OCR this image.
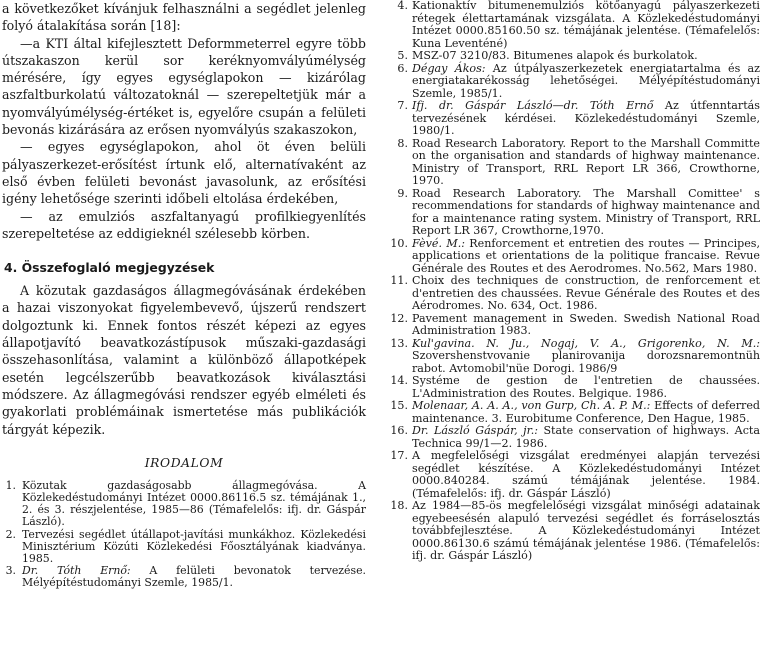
a következőket kívánjuk felhasználni a segédlet jelenleg folyó átalakítása során [18]:

—a KTI által kifejlesztett Deformmeterrel egyre több útszakaszon kerül sor keréknyomvályúmélység mérésére, így egyes egységlapokon — kizárólag aszfaltburkolatú változatoknál — szerepeltetjük már a nyomvályúmélység-értéket is, egyelőre csupán a felületi bevonás kizárására az erősen nyomvályús szakaszokon,

— egyes egységlapokon, ahol öt éven belüli pályaszerkezet-erősítést írtunk elő, alternatívaként az első évben felületi bevonást javasolunk, az erősítési igény lehetősége szerinti időbeli eltolása érdekében,

— az emulziós aszfaltanyagú profilkiegyenlítés szerepeltetése az eddigieknél szélesebb körben.

4. Összefoglaló megjegyzések

A közutak gazdaságos állagmegóvásának érdekében a hazai viszonyokat figyelembevevő, újszerű rendszert dolgoztunk ki. Ennek fontos részét képezi az egyes állapotjavító beavatkozástípusok műszaki-gazdasági összehasonlítása, valamint a különböző állapotképek esetén legcélszerűbb beavatkozások kiválasztási módszere. Az állagmegóvási rendszer egyéb elméleti és gyakorlati problémáinak ismertetése más publikációk tárgyát képezik.

IRODALOM
1. Közutak gazdaságosabb állagmegóvása. A Közlekedéstudományi Intézet 0000.86116.5 sz. témájának 1., 2. és 3. részjelentése, 1985—86 (Témafelelős: ifj. dr. Gáspár László).
2. Tervezési segédlet útállapot-javítási munkákhoz. Közlekedési Minisztérium Közúti Közlekedési Főosztályának kiadványa. 1985.
3. Dr. Tóth Ernő: A felületi bevonatok tervezése. Mélyépítéstudományi Szemle, 1985/1.
4. Kationaktív bitumenemulziós kötőanyagú pályaszerkezeti rétegek élettartamának vizsgálata. A Közlekedéstudományi Intézet 0000.85160.50 sz. témájának jelentése. (Témafelelős: Kuna Leventéné)
5. MSZ-07 3210/83. Bitumenes alapok és burkolatok.
6. Dégay Ákos: Az útpályaszerkezetek energiatartalma és az energiatakarékosság lehetőségei. Mélyépítéstudományi Szemle, 1985/1.
7. Ifj. dr. Gáspár László—dr. Tóth Ernő Az útfenntartás tervezésének kérdései. Közlekedéstudományi Szemle, 1980/1.
8. Road Research Laboratory. Report to the Marshall Committe on the organisation and standards of highway maintenance. Ministry of Transport, RRL Report LR 366, Crowthorne, 1970.
9. Road Research Laboratory. The Marshall Comittee' s recommendations for standards of highway maintenance and for a maintenance rating system. Ministry of Transport, RRL Report LR 367, Crowthorne,1970.
10. Fèvé. M.: Renforcement et entretien des routes — Principes, applications et orientations de la politique francaise. Revue Générale des Routes et des Aerodromes. No.562, Mars 1980.
11. Choix des techniques de construction, de renforcement et d'entretien des chaussées. Revue Générale des Routes et des Aérodromes. No. 634, Oct. 1986.
12. Pavement management in Sweden. Swedish National Road Administration 1983.
13. Kul'gavina. N. Ju., Nogaj, V. A., Grigorenko, N. M.: Szovershenstvovanie planirovanija dorozsnaremontnüh rabot. Avtomobil'nüe Dorogi. 1986/9
14. Systéme de gestion de l'entretien de chaussées. L'Administration des Routes. Belgique. 1986.
15. Molenaar, A. A. A., von Gurp, Ch. A. P. M.: Effects of deferred maintenance. 3. Eurobitume Conference, Den Hague, 1985.
16. Dr. László Gáspár, jr.: State conservation of highways. Acta Technica 99/1—2. 1986.
17. A megfelelőségi vizsgálat eredményei alapján tervezési segédlet készítése. A Közlekedéstudományi Intézet 0000.840284. számú témájának jelentése. 1984. (Témafelelős: ifj. dr. Gáspár László)
18. Az 1984—85-ös megfelelőségi vizsgálat minőségi adatainak egyebeesésén alapuló tervezési segédlet és forráselosztás továbbfejlesztése. A Közlekedéstudományi Intézet 0000.86130.6 számú témájának jelentése 1986. (Témafelelős: ifj. dr. Gáspár László)
